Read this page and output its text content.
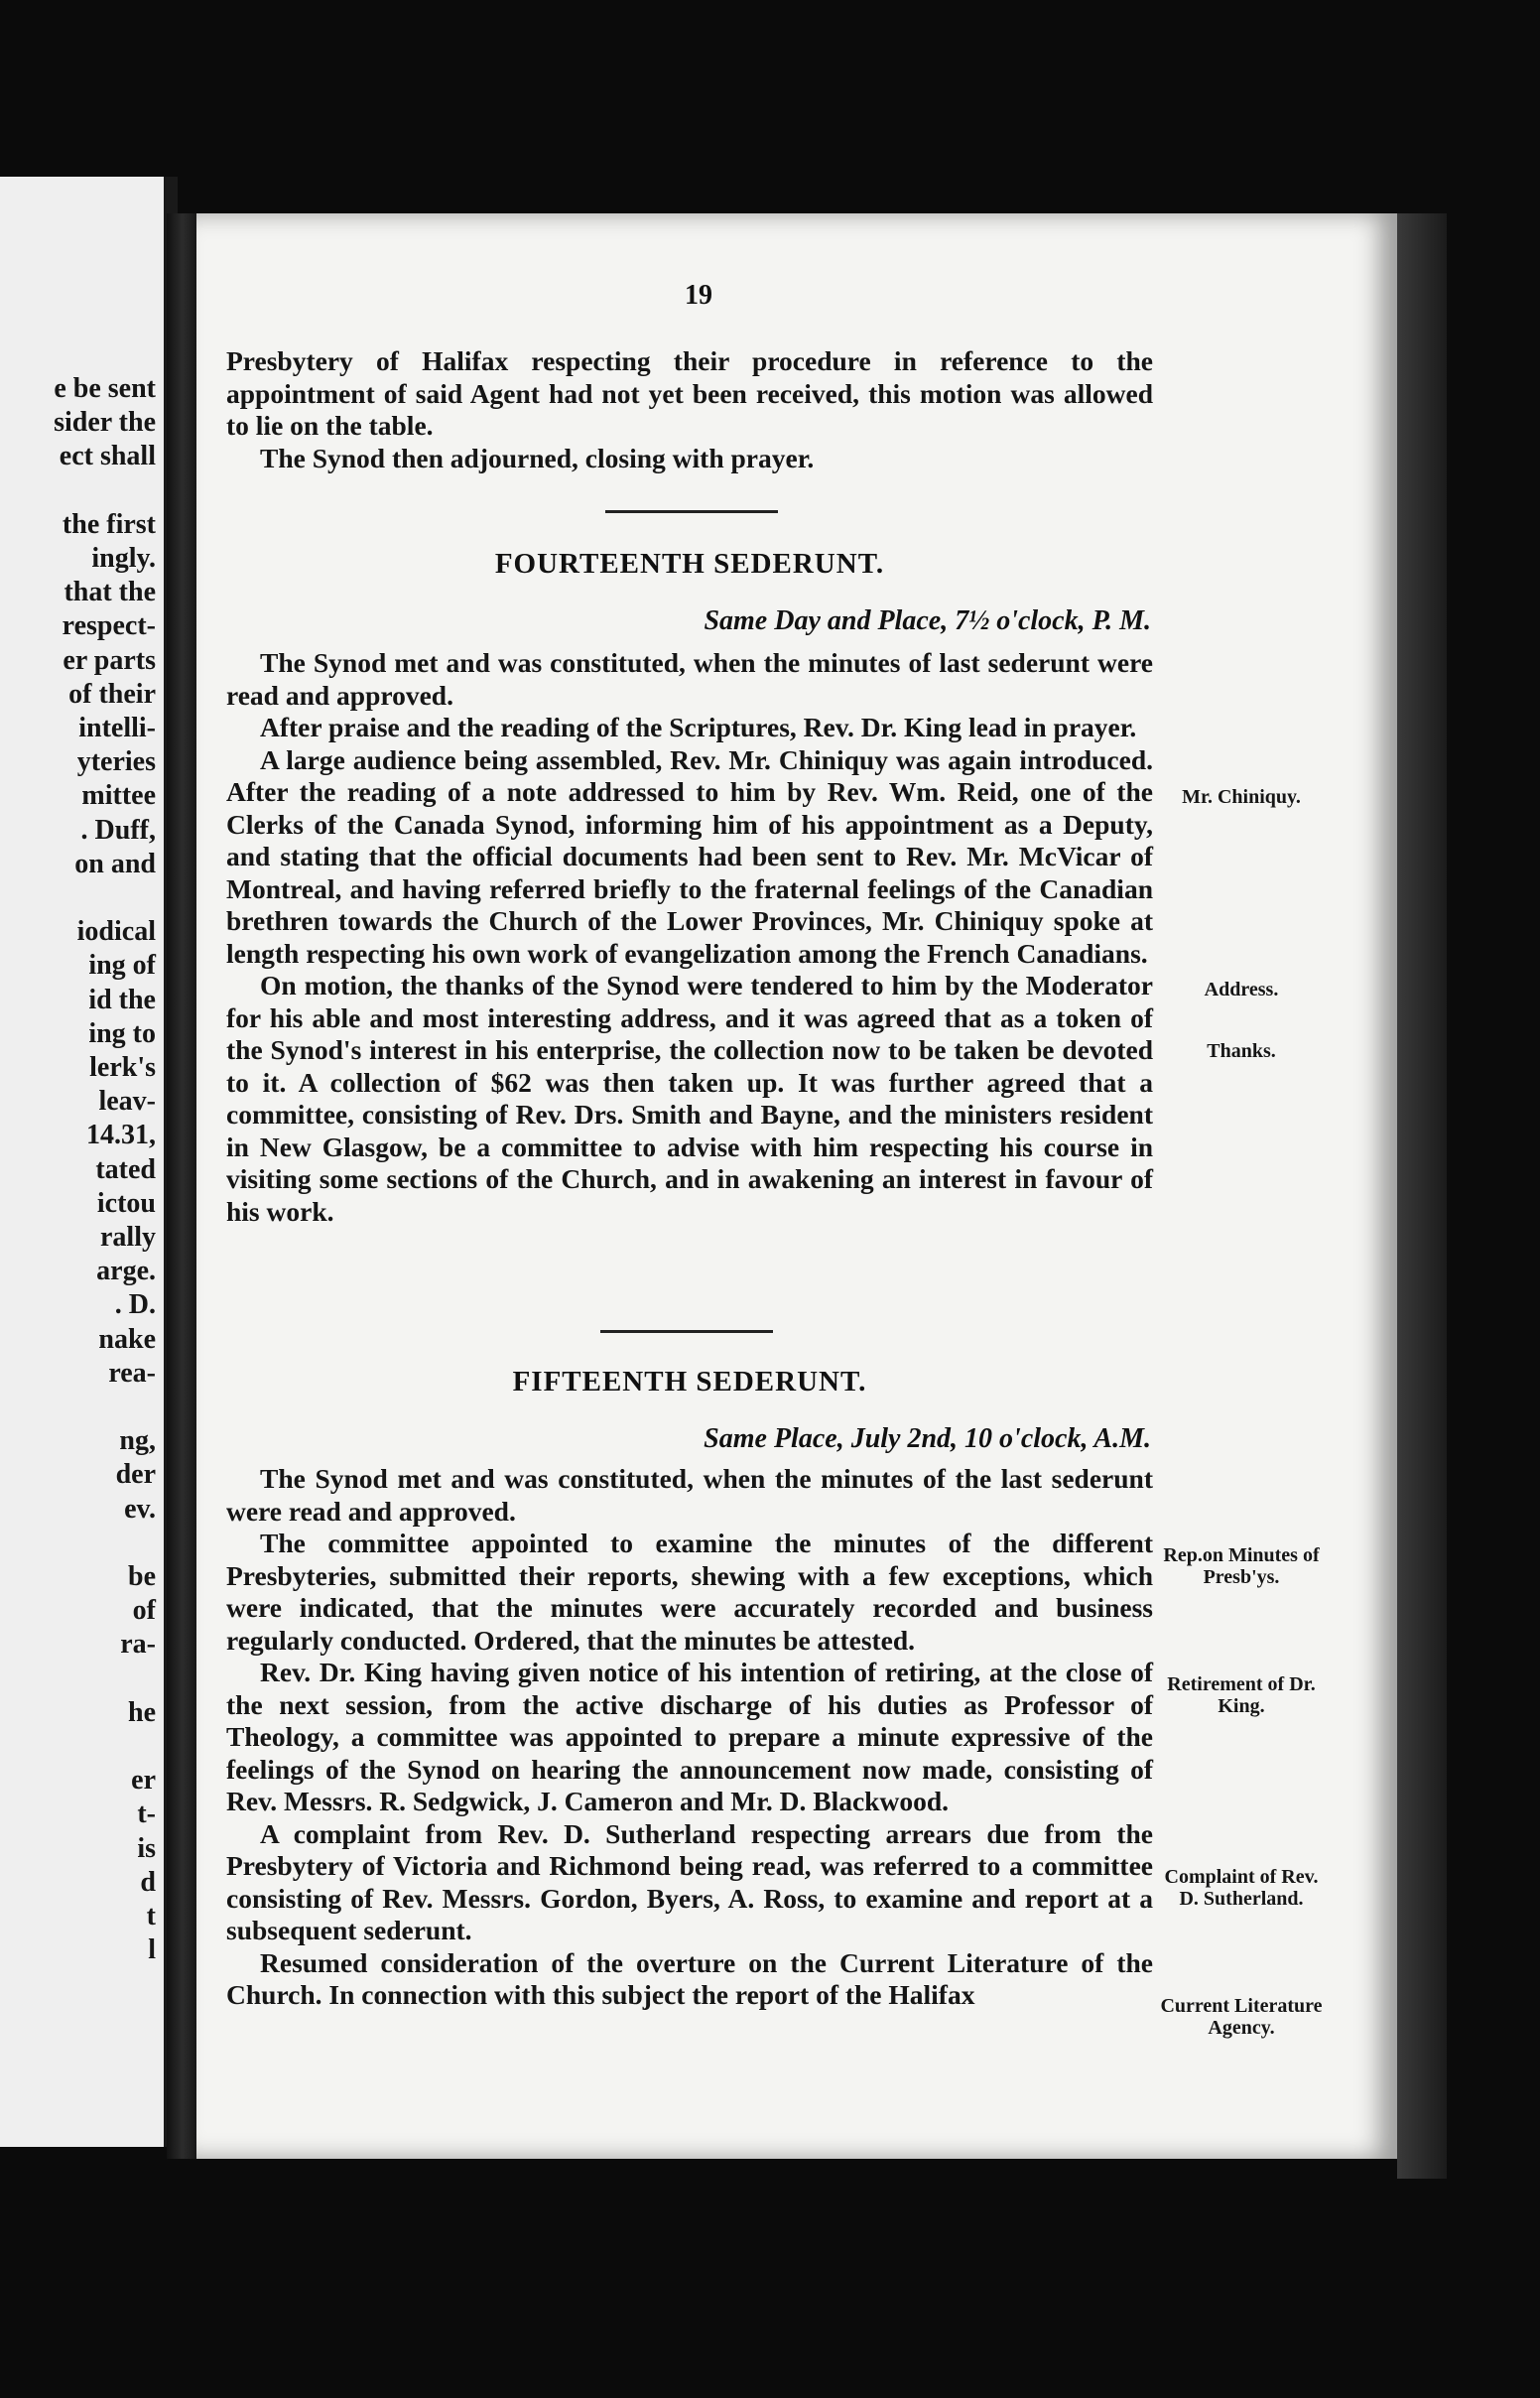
e be sent
sider the
ect shall
the first
ingly.
that the
respect-
er parts
of their
intelli-
yteries
mittee
. Duff,
on and
iodical
ing of
id the
ing to
lerk's
leav-
14.31,
tated
ictou
rally
arge.
. D.
nake
rea-
ng,
der
ev.
be
of
ra-
he
er
t-
is
d
t
l
19

Presbytery of Halifax respecting their procedure in reference to the appointment of said Agent had not yet been received, this motion was allowed to lie on the table.

The Synod then adjourned, closing with prayer.

FOURTEENTH SEDERUNT.
Same Day and Place, 7½ o'clock, P. M.

The Synod met and was constituted, when the minutes of last sederunt were read and approved.

After praise and the reading of the Scriptures, Rev. Dr. King lead in prayer.

A large audience being assembled, Rev. Mr. Chiniquy was again introduced. After the reading of a note addressed to him by Rev. Wm. Reid, one of the Clerks of the Canada Synod, informing him of his appointment as a Deputy, and stating that the official documents had been sent to Rev. Mr. McVicar of Montreal, and having referred briefly to the fraternal feelings of the Canadian brethren towards the Church of the Lower Provinces, Mr. Chiniquy spoke at length respecting his own work of evangelization among the French Canadians.

On motion, the thanks of the Synod were tendered to him by the Moderator for his able and most interesting address, and it was agreed that as a token of the Synod's interest in his enterprise, the collection now to be taken be devoted to it. A collection of $62 was then taken up. It was further agreed that a committee, consisting of Rev. Drs. Smith and Bayne, and the ministers resident in New Glasgow, be a committee to advise with him respecting his course in visiting some sections of the Church, and in awakening an interest in favour of his work.

FIFTEENTH SEDERUNT.
Same Place, July 2nd, 10 o'clock, A.M.

The Synod met and was constituted, when the minutes of the last sederunt were read and approved.

The committee appointed to examine the minutes of the different Presbyteries, submitted their reports, shewing with a few exceptions, which were indicated, that the minutes were accurately recorded and business regularly conducted. Ordered, that the minutes be attested.

Rev. Dr. King having given notice of his intention of retiring, at the close of the next session, from the active discharge of his duties as Professor of Theology, a committee was appointed to prepare a minute expressive of the feelings of the Synod on hearing the announcement now made, consisting of Rev. Messrs. R. Sedgwick, J. Cameron and Mr. D. Blackwood.

A complaint from Rev. D. Sutherland respecting arrears due from the Presbytery of Victoria and Richmond being read, was referred to a committee consisting of Rev. Messrs. Gordon, Byers, A. Ross, to examine and report at a subsequent sederunt.

Resumed consideration of the overture on the Current Literature of the Church. In connection with this subject the report of the Halifax

Mr. Chiniquy.
Address.
Thanks.
Rep.on Minutes of Presb'ys.
Retirement of Dr. King.
Complaint of Rev. D. Sutherland.
Current Literature Agency.
